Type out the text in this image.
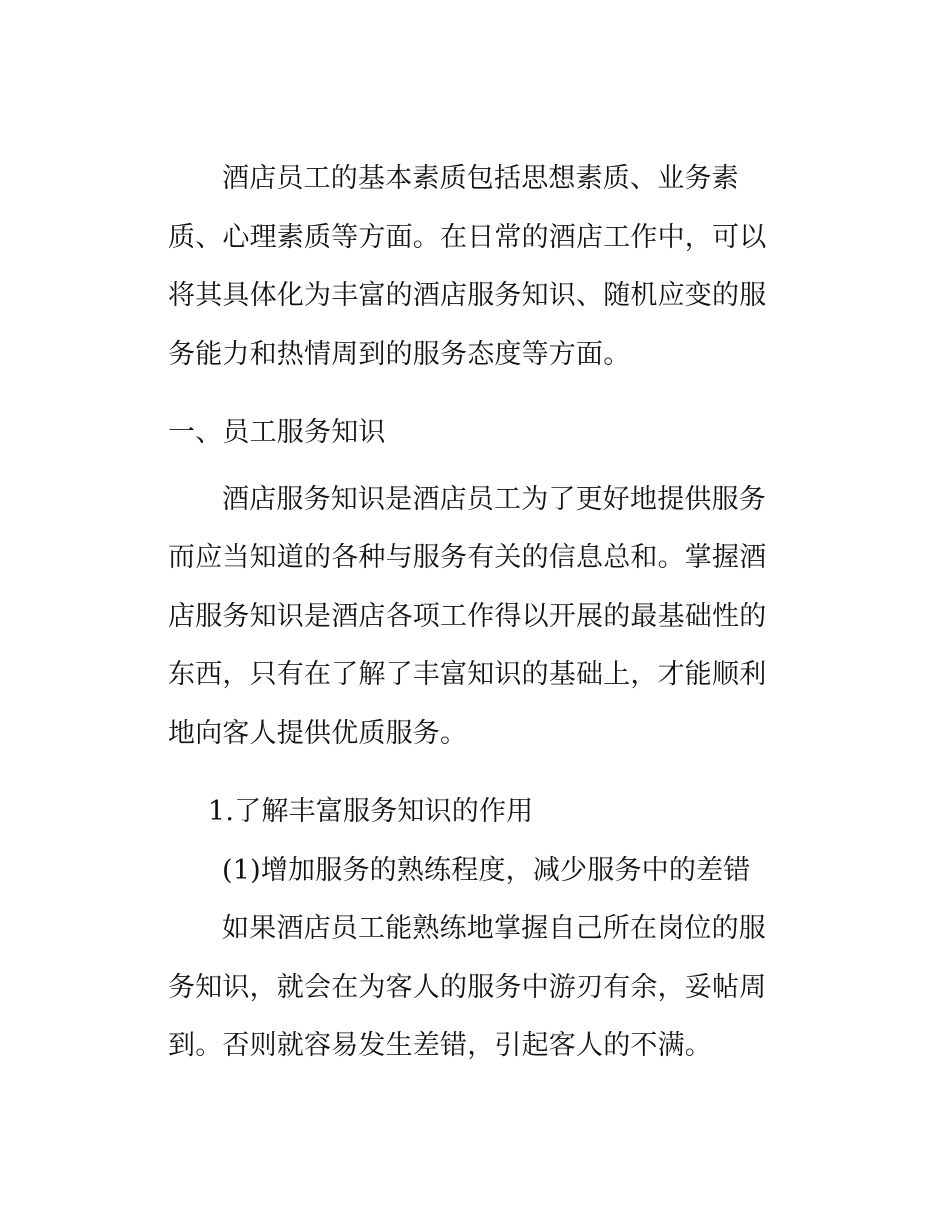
酒店员工的基本素质包括思想素质、业务素质、心理素质等方面。在日常的酒店工作中，可以将其具体化为丰富的酒店服务知识、随机应变的服务能力和热情周到的服务态度等方面。

一、员工服务知识

酒店服务知识是酒店员工为了更好地提供服务而应当知道的各种与服务有关的信息总和。掌握酒店服务知识是酒店各项工作得以开展的最基础性的东西，只有在了解了丰富知识的基础上，才能顺利地向客人提供优质服务。

1.了解丰富服务知识的作用

(1)增加服务的熟练程度，减少服务中的差错

如果酒店员工能熟练地掌握自己所在岗位的服务知识，就会在为客人的服务中游刃有余，妥帖周到。否则就容易发生差错，引起客人的不满。
